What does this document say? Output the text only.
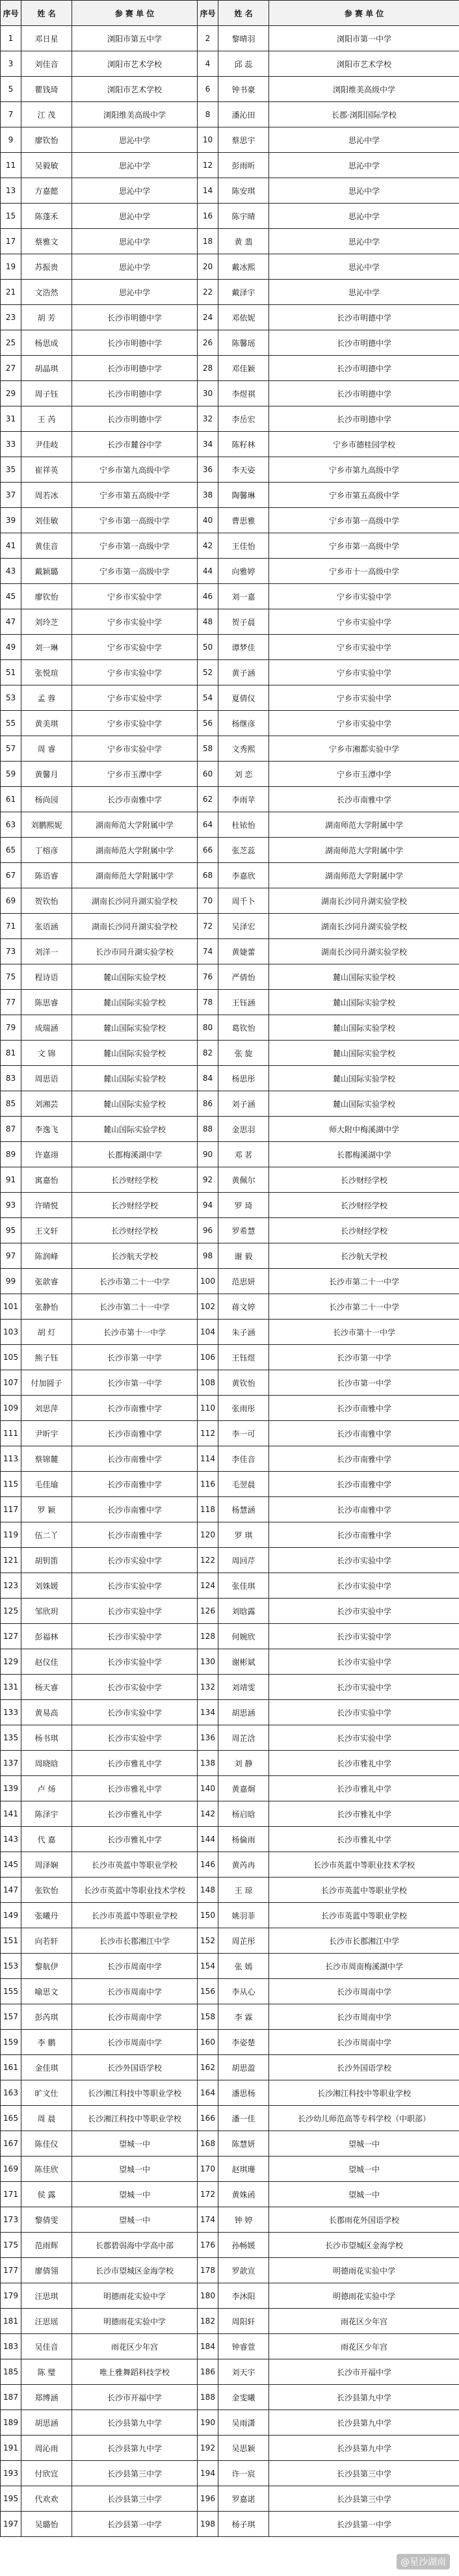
序号	姓 名	参 赛 单 位	序号	姓 名	参 赛 单 位
1	邓日星	浏阳市第五中学	2	黎晴羽	浏阳市第一中学
3	刘佳音	浏阳市艺术学校	4	邱 蕊	浏阳市艺术学校
5	瞿钱琦	浏阳市艺术学校	6	钟书豪	浏阳维美高级中学
7	江 茂	浏阳维美高级中学	8	潘沁田	长郡·浏阳国际学校
9	廖钦怡	思沁中学	10	蔡思宇	思沁中学
11	吴毅敏	思沁中学	12	彭雨昕	思沁中学
13	方嘉懿	思沁中学	14	陈安琪	思沁中学
15	陈蓬禾	思沁中学	16	陈宇晴	思沁中学
17	蔡雅文	思沁中学	18	黄 翡	思沁中学
19	苏振贵	思沁中学	20	戴冰熙	思沁中学
21	文浩然	思沁中学	22	戴泽宇	思沁中学
23	胡 芳	长沙市明德中学	24	邓依妮	长沙市明德中学
25	杨思成	长沙市明德中学	26	陈馨瑶	长沙市明德中学
27	胡晶琪	长沙市明德中学	28	邓佳颖	长沙市明德中学
29	周子钰	长沙市明德中学	30	李煜祺	长沙市明德中学
31	王 芮	长沙市明德中学	32	李岳宏	长沙市明德中学
33	尹佳岐	长沙市麓谷中学	34	陈籽林	宁乡市德桂园学校
35	崔祥英	宁乡市第九高级中学	36	李天姿	宁乡市第九高级中学
37	周若冰	宁乡市第五高级中学	38	陶馨琳	宁乡市第五高级中学
39	刘佳敏	宁乡市第一高级中学	40	曹思雅	宁乡市第一高级中学
41	黄佳音	宁乡市第一高级中学	42	王佳怡	宁乡市第一高级中学
43	戴颖璐	宁乡市第一高级中学	44	向雅婷	宁乡市十一高级中学
45	廖钦怡	宁乡市实验中学	46	刘一嘉	宁乡市实验中学
47	刘玲芝	宁乡市实验中学	48	贺子晨	宁乡市实验中学
49	刘一琳	宁乡市实验中学	50	谭梦佳	宁乡市实验中学
51	张悦瑄	宁乡市实验中学	52	黄子涵	宁乡市实验中学
53	孟 蓉	宁乡市实验中学	54	夏倩仪	宁乡市实验中学
55	黄美琪	宁乡市实验中学	56	杨继彦	宁乡市实验中学
57	周 睿	宁乡市实验中学	58	文秀熙	宁乡市湘都实验中学
59	黄馨月	宁乡市玉潭中学	60	刘 恋	宁乡市玉潭中学
61	杨尚园	长沙市南雅中学	62	李雨苹	长沙市南雅中学
63	刘鹏熙妮	湖南师范大学附属中学	64	杜铱怡	湖南师范大学附属中学
65	丁榕彦	湖南师范大学附属中学	66	张芝蕊	湖南师范大学附属中学
67	陈语睿	湖南师范大学附属中学	68	李嘉欣	湖南师范大学附属中学
69	贺钦怡	湖南长沙同升湖实验学校	70	周千卜	湖南长沙同升湖实验学校
71	张语涵	湖南长沙同升湖实验学校	72	吴泽宏	湖南长沙同升湖实验学校
73	刘洋一	长沙市同升湖实验学校	74	黄婕蕾	湖南长沙同升湖实验学校
75	程诗语	麓山国际实验学校	76	严倩怡	麓山国际实验学校
77	陈思睿	麓山国际实验学校	78	王钰涵	麓山国际实验学校
79	成瑞涵	麓山国际实验学校	80	葛钦怡	麓山国际实验学校
81	文 锦	麓山国际实验学校	82	张 旋	麓山国际实验学校
83	周思语	麓山国际实验学校	84	杨思彤	麓山国际实验学校
85	刘湘芸	麓山国际实验学校	86	刘子涵	麓山国际实验学校
87	李逸飞	麓山国际实验学校	88	金思羽	师大附中梅溪湖中学
89	许嘉翊	长郡梅溪湖中学	90	邓 茗	长郡梅溪湖中学
91	寓嘉怡	长沙财经学校	92	黄佩尔	长沙财经学校
93	许晴悦	长沙财经学校	94	罗 琦	长沙财经学校
95	王文轩	长沙财经学校	96	罗希慧	长沙财经学校
97	陈润峰	长沙航天学校	98	谢 毅	长沙航天学校
99	张歆睿	长沙市第二十一中学	100	范思妍	长沙市第二十一中学
101	张静怡	长沙市第二十一中学	102	蒋文婷	长沙市第二十一中学
103	胡 灯	长沙市第十一中学	104	朱子涵	长沙市第十一中学
105	熊子钰	长沙市第一中学	106	王钰煜	长沙市第一中学
107	付加圆子	长沙市第一中学	108	黄钦怡	长沙市第一中学
109	刘思萍	长沙市南雅中学	110	张雨彤	长沙市南雅中学
111	尹昕宇	长沙市南雅中学	112	李一可	长沙市南雅中学
113	蔡锦麓	长沙市南雅中学	114	李佳音	长沙市南雅中学
115	毛佳瑜	长沙市南雅中学	116	毛翌晨	长沙市南雅中学
117	罗 颖	长沙市南雅中学	118	杨慧涵	长沙市南雅中学
119	伍二丫	长沙市南雅中学	120	罗 琪	长沙市南雅中学
121	胡钥笛	长沙市实验中学	122	周回芹	长沙市实验中学
123	刘姝媛	长沙市实验中学	124	张佳琪	长沙市实验中学
125	邹欣玥	长沙市实验中学	126	刘晗露	长沙市实验中学
127	彭福林	长沙市实验中学	128	何婉欣	长沙市实验中学
129	赵仪佳	长沙市实验中学	130	谢彬斌	长沙市实验中学
131	杨天睿	长沙市实验中学	132	刘靖雯	长沙市实验中学
133	黄易高	长沙市实验中学	134	胡思涵	长沙市实验中学
135	杨书琪	长沙市实验中学	136	周芷浛	长沙市实验中学
137	周晓晗	长沙市雅礼中学	138	刘 静	长沙市雅礼中学
139	卢 炀	长沙市雅礼中学	140	黄嘉炯	长沙市雅礼中学
141	陈泽宇	长沙市雅礼中学	142	杨启晗	长沙市雅礼中学
143	代 嘉	长沙市雅礼中学	144	杨倫雨	长沙市雅礼中学
145	周泽娴	长沙市英蓝中等职业学校	146	黄芮冉	长沙市英蓝中等职业技术学校
147	张钦怡	长沙市英蓝中等职业技术学校	148	王 琼	长沙市英蓝中等职业学校
149	张曦丹	长沙市英蓝中等职业学校	150	姚羽菲	长沙市英蓝中等职业学校
151	向若轩	长沙市长郡湘江中学	152	周芷彤	长沙市长郡湘江中学
153	黎航伊	长沙市周南中学	154	张 嫣	长沙市周南梅溪湖中学
155	喻思文	长沙市周南中学	156	李从心	长沙市周南中学
157	彭芮琪	长沙市周南中学	158	李 霖	长沙市周南中学
159	李 鹏	长沙市周南中学	160	李姿楚	长沙市周南中学
161	金佳琪	长沙外国语学校	162	胡思盈	长沙外国语学校
163	旷文仕	长沙湘江科技中等职业学校	164	潘思杨	长沙湘江科技中等职业学校
165	周 晨	长沙湘江科技中等职业学校	166	潘一佳	长沙幼儿师范高等专科学校（中职部）
167	陈佳仪	望城一中	168	陈慧妍	望城一中
169	陈佳欣	望城一中	170	赵琪珊	望城一中
171	侯 露	望城一中	172	黄姝函	望城一中
173	黎倩雯	望城一中	174	钟 婷	长郡雨花外国语学校
175	范雨辉	长郡碧弱海中学高中部	176	孙畅媛	长沙市望城区金海学校
177	廖倩翎	长沙市望城区金海学校	178	罗歆宣	明德雨花实验中学
179	汪思琪	明德雨花实验中学	180	李沐阳	明德雨花实验中学
181	汪思瑶	明德雨花实验中学	182	周阳轩	雨花区少年宫
183	吴佳音	雨花区少年宫	184	钟睿萱	雨花区少年宫
185	陈 璧	唯上雅舞蹈科技学校	186	刘天宇	长沙市开福中学
187	郑博涵	长沙市开福中学	188	金雯曦	长沙县第九中学
189	胡思涵	长沙县第九中学	190	吴雨潇	长沙县第九中学
191	周沁雨	长沙县第九中学	192	吴思颖	长沙县第九中学
193	付欣宜	长沙县第三中学	194	许一宸	长沙县第三中学
195	代欢欢	长沙县第三中学	196	罗嘉诺	长沙县第三中学
197	吴璐怡	长沙县第一中学	198	杨子琪	长沙县第一中学
@星沙湖南
